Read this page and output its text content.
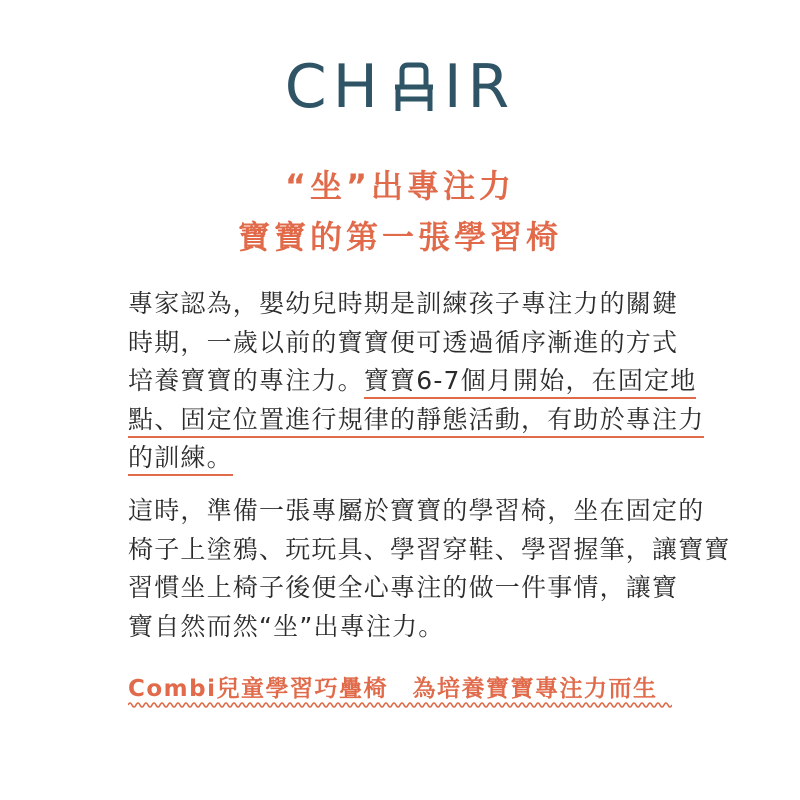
CH IR
“坐”出專注力
寶寶的第一張學習椅
專家認為，嬰幼兒時期是訓練孩子專注力的關鍵
時期，一歲以前的寶寶便可透過循序漸進的方式
培養寶寶的專注力。寶寶6-7個月開始，在固定地
點、固定位置進行規律的靜態活動，有助於專注力
的訓練。
這時，準備一張專屬於寶寶的學習椅，坐在固定的
椅子上塗鴉、玩玩具、學習穿鞋、學習握筆，讓寶寶
習慣坐上椅子後便全心專注的做一件事情，讓寶
寶自然而然“坐”出專注力。
Combi兒童學習巧疊椅　為培養寶寶專注力而生
